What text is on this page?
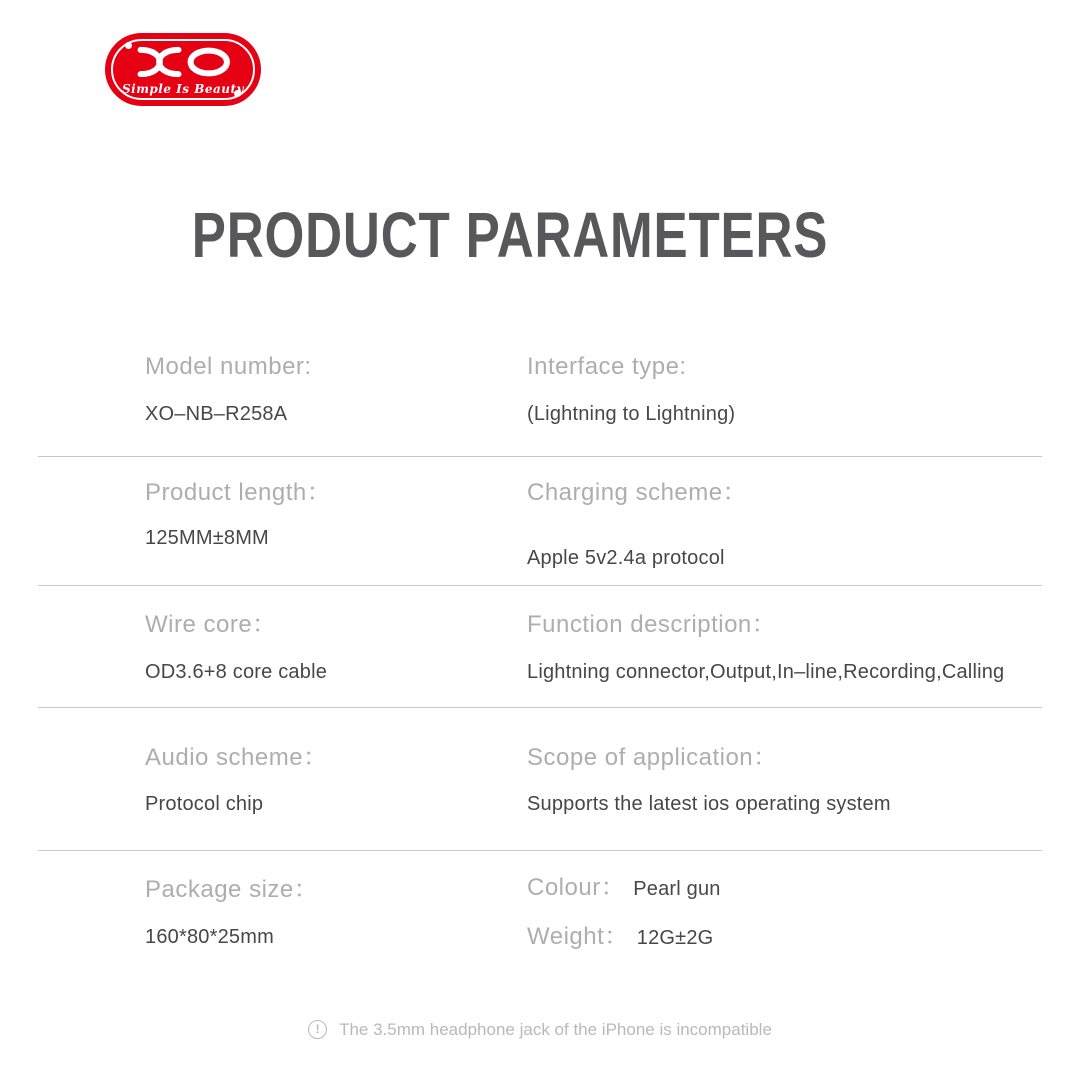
Simple Is Beauty
PRODUCT PARAMETERS
Model number:
XO–NB–R258A
Interface type:
(Lightning to Lightning)
Product length：
125MM±8MM
Charging scheme：
Apple 5v2.4a protocol
Wire core：
OD3.6+8 core cable
Function description：
Lightning connector,Output,In–line,Recording,Calling
Audio scheme：
Protocol chip
Scope of application：
Supports the latest ios operating system
Package size：
160*80*25mm
Colour： Pearl gun
Weight： 12G±2G
! The 3.5mm headphone jack of the iPhone is incompatible
